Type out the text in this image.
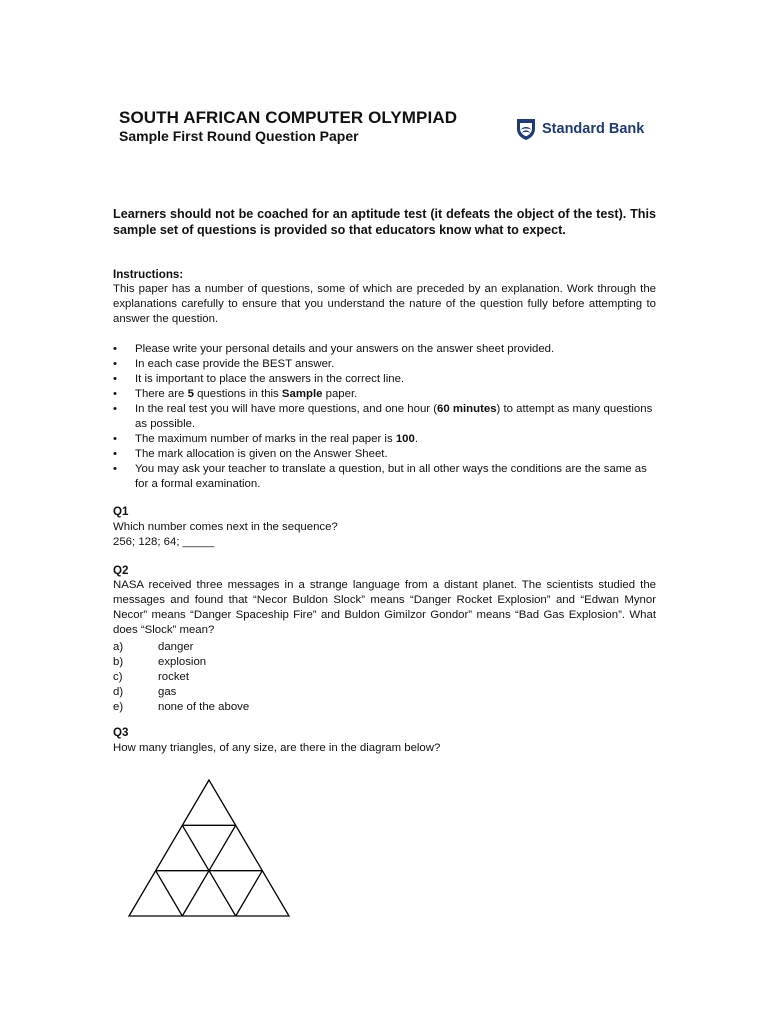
SOUTH AFRICAN COMPUTER OLYMPIAD
Sample First Round Question Paper	Standard Bank

Learners should not be coached for an aptitude test (it defeats the object of the test). This sample set of questions is provided so that educators know what to expect.

Instructions:

This paper has a number of questions, some of which are preceded by an explanation. Work through the explanations carefully to ensure that you understand the nature of the question fully before attempting to answer the question.

• Please write your personal details and your answers on the answer sheet provided.
• In each case provide the BEST answer.
• It is important to place the answers in the correct line.
• There are 5 questions in this Sample paper.
• In the real test you will have more questions, and one hour (60 minutes) to attempt as many questions as possible.
• The maximum number of marks in the real paper is 100.
• The mark allocation is given on the Answer Sheet.
• You may ask your teacher to translate a question, but in all other ways the conditions are the same as for a formal examination.
Q1

Which number comes next in the sequence?
256; 128; 64; _____

Q2

NASA received three messages in a strange language from a distant planet. The scientists studied the messages and found that “Necor Buldon Slock” means “Danger Rocket Explosion” and “Edwan Mynor Necor” means “Danger Spaceship Fire” and Buldon Gimilzor Gondor” means “Bad Gas Explosion”. What does “Slock” mean?

a)	danger
b)	explosion
c)	rocket
d)	gas
e)	none of the above
Q3

How many triangles, of any size, are there in the diagram below?
